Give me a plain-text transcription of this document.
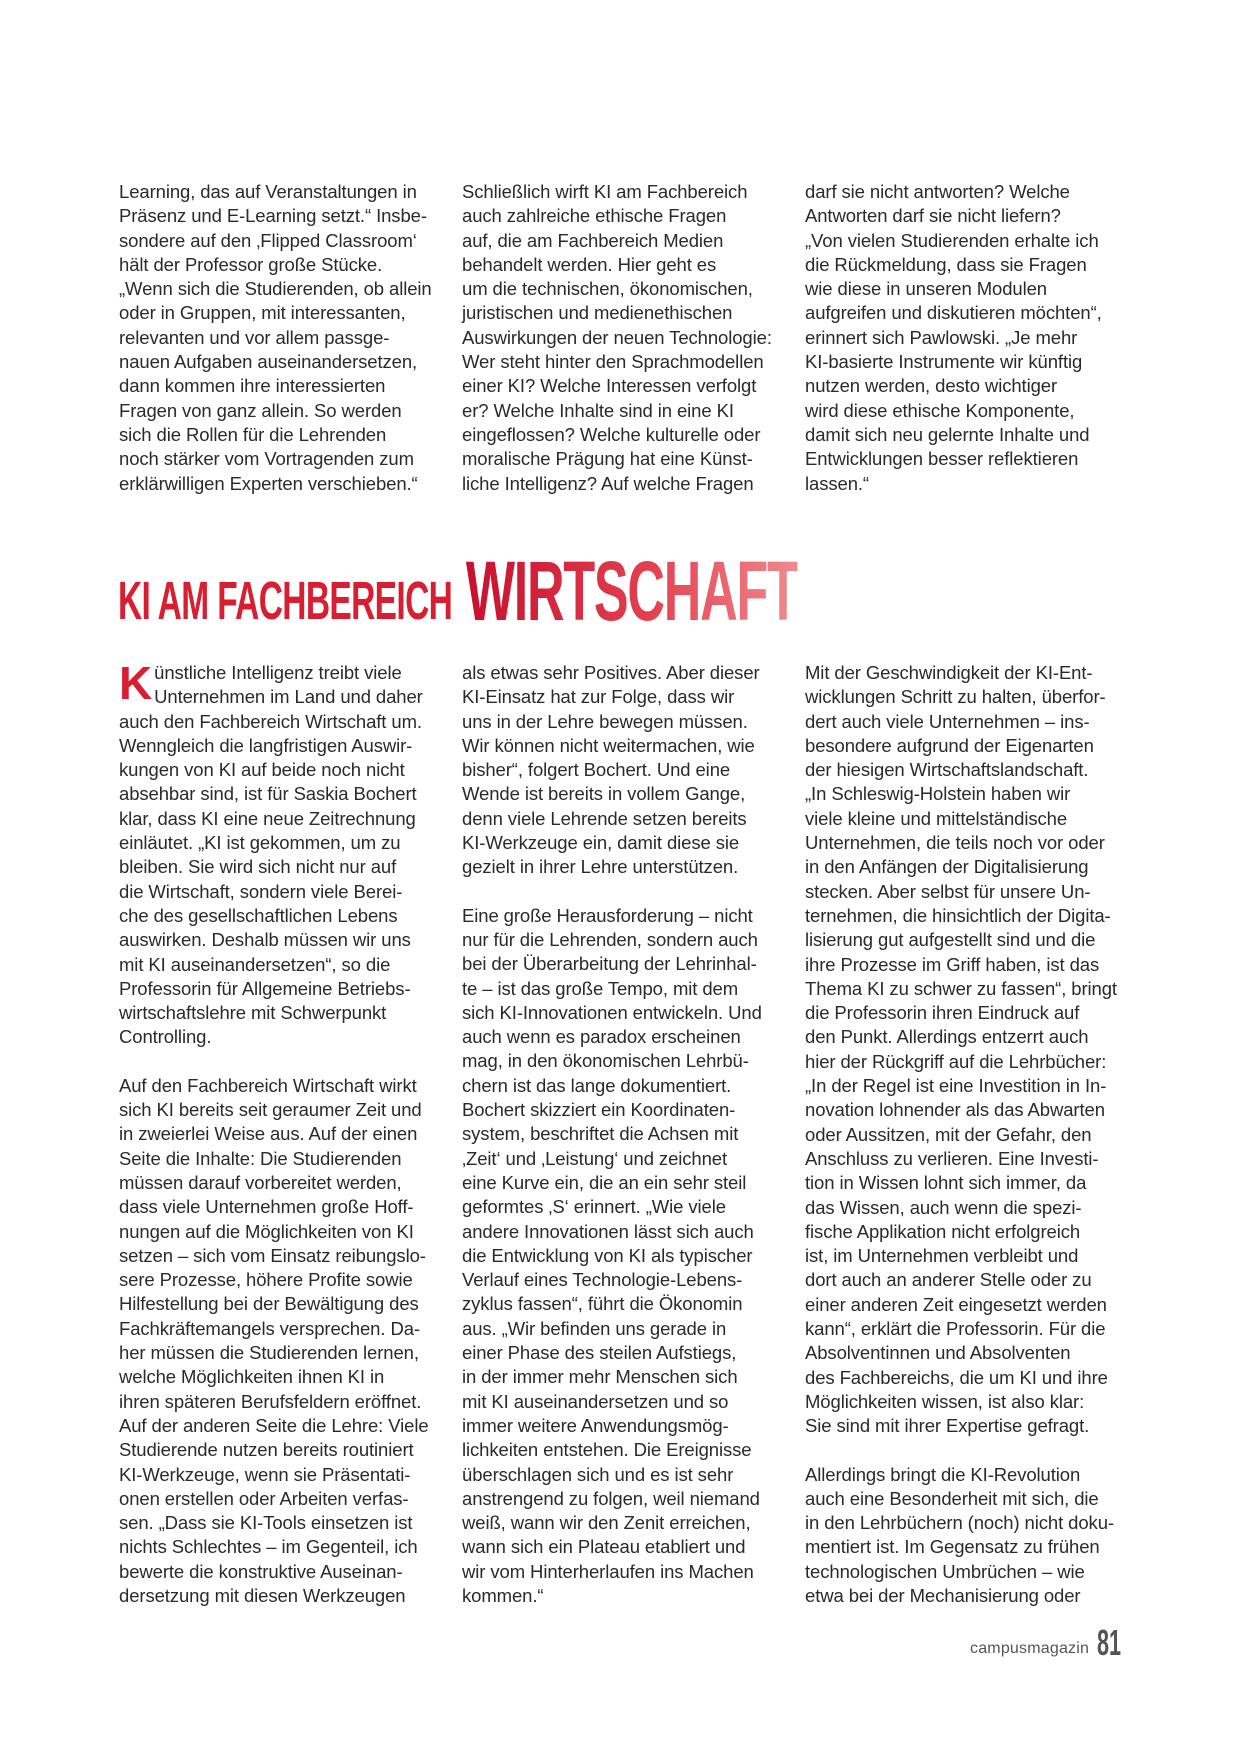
Learning, das auf Veranstaltungen in
Präsenz und E-Learning setzt.“ Insbe-
sondere auf den ‚Flipped Classroom‘
hält der Professor große Stücke.
„Wenn sich die Studierenden, ob allein
oder in Gruppen, mit interessanten,
relevanten und vor allem passge-
nauen Aufgaben auseinandersetzen,
dann kommen ihre interessierten
Fragen von ganz allein. So werden
sich die Rollen für die Lehrenden
noch stärker vom Vortragenden zum
erklärwilligen Experten verschieben.“

Schließlich wirft KI am Fachbereich
auch zahlreiche ethische Fragen
auf, die am Fachbereich Medien
behandelt werden. Hier geht es
um die technischen, ökonomischen,
juristischen und medienethischen
Auswirkungen der neuen Technologie:
Wer steht hinter den Sprachmodellen
einer KI? Welche Interessen verfolgt
er? Welche Inhalte sind in eine KI
eingeflossen? Welche kulturelle oder
moralische Prägung hat eine Künst-
liche Intelligenz? Auf welche Fragen

darf sie nicht antworten? Welche
Antworten darf sie nicht liefern?
„Von vielen Studierenden erhalte ich
die Rückmeldung, dass sie Fragen
wie diese in unseren Modulen
aufgreifen und diskutieren möchten“,
erinnert sich Pawlowski. „Je mehr
KI-basierte Instrumente wir künftig
nutzen werden, desto wichtiger
wird diese ethische Komponente,
damit sich neu gelernte Inhalte und
Entwicklungen besser reflektieren
lassen.“

KI AM FACHBEREICH WIRTSCHAFT

K ünstliche Intelligenz treibt viele
Unternehmen im Land und daher
auch den Fachbereich Wirtschaft um.
Wenngleich die langfristigen Auswir-
kungen von KI auf beide noch nicht
absehbar sind, ist für Saskia Bochert
klar, dass KI eine neue Zeitrechnung
einläutet. „KI ist gekommen, um zu
bleiben. Sie wird sich nicht nur auf
die Wirtschaft, sondern viele Berei-
che des gesellschaftlichen Lebens
auswirken. Deshalb müssen wir uns
mit KI auseinandersetzen“, so die
Professorin für Allgemeine Betriebs-
wirtschaftslehre mit Schwerpunkt
Controlling.

Auf den Fachbereich Wirtschaft wirkt
sich KI bereits seit geraumer Zeit und
in zweierlei Weise aus. Auf der einen
Seite die Inhalte: Die Studierenden
müssen darauf vorbereitet werden,
dass viele Unternehmen große Hoff-
nungen auf die Möglichkeiten von KI
setzen – sich vom Einsatz reibungslo-
sere Prozesse, höhere Profite sowie
Hilfestellung bei der Bewältigung des
Fachkräftemangels versprechen. Da-
her müssen die Studierenden lernen,
welche Möglichkeiten ihnen KI in
ihren späteren Berufsfeldern eröffnet.
Auf der anderen Seite die Lehre: Viele
Studierende nutzen bereits routiniert
KI-Werkzeuge, wenn sie Präsentati-
onen erstellen oder Arbeiten verfas-
sen. „Dass sie KI-Tools einsetzen ist
nichts Schlechtes – im Gegenteil, ich
bewerte die konstruktive Auseinan-
dersetzung mit diesen Werkzeugen

als etwas sehr Positives. Aber dieser
KI-Einsatz hat zur Folge, dass wir
uns in der Lehre bewegen müssen.
Wir können nicht weitermachen, wie
bisher“, folgert Bochert. Und eine
Wende ist bereits in vollem Gange,
denn viele Lehrende setzen bereits
KI-Werkzeuge ein, damit diese sie
gezielt in ihrer Lehre unterstützen.

Eine große Herausforderung – nicht
nur für die Lehrenden, sondern auch
bei der Überarbeitung der Lehrinhal-
te – ist das große Tempo, mit dem
sich KI-Innovationen entwickeln. Und
auch wenn es paradox erscheinen
mag, in den ökonomischen Lehrbü-
chern ist das lange dokumentiert.
Bochert skizziert ein Koordinaten-
system, beschriftet die Achsen mit
‚Zeit‘ und ‚Leistung‘ und zeichnet
eine Kurve ein, die an ein sehr steil
geformtes ‚S‘ erinnert. „Wie viele
andere Innovationen lässt sich auch
die Entwicklung von KI als typischer
Verlauf eines Technologie-Lebens-
zyklus fassen“, führt die Ökonomin
aus. „Wir befinden uns gerade in
einer Phase des steilen Aufstiegs,
in der immer mehr Menschen sich
mit KI auseinandersetzen und so
immer weitere Anwendungsmög-
lichkeiten entstehen. Die Ereignisse
überschlagen sich und es ist sehr
anstrengend zu folgen, weil niemand
weiß, wann wir den Zenit erreichen,
wann sich ein Plateau etabliert und
wir vom Hinterherlaufen ins Machen
kommen.“

Mit der Geschwindigkeit der KI-Ent-
wicklungen Schritt zu halten, überfor-
dert auch viele Unternehmen – ins-
besondere aufgrund der Eigenarten
der hiesigen Wirtschaftslandschaft.
„In Schleswig-Holstein haben wir
viele kleine und mittelständische
Unternehmen, die teils noch vor oder
in den Anfängen der Digitalisierung
stecken. Aber selbst für unsere Un-
ternehmen, die hinsichtlich der Digita-
lisierung gut aufgestellt sind und die
ihre Prozesse im Griff haben, ist das
Thema KI zu schwer zu fassen“, bringt
die Professorin ihren Eindruck auf
den Punkt. Allerdings entzerrt auch
hier der Rückgriff auf die Lehrbücher:
„In der Regel ist eine Investition in In-
novation lohnender als das Abwarten
oder Aussitzen, mit der Gefahr, den
Anschluss zu verlieren. Eine Investi-
tion in Wissen lohnt sich immer, da
das Wissen, auch wenn die spezi-
fische Applikation nicht erfolgreich
ist, im Unternehmen verbleibt und
dort auch an anderer Stelle oder zu
einer anderen Zeit eingesetzt werden
kann“, erklärt die Professorin. Für die
Absolventinnen und Absolventen
des Fachbereichs, die um KI und ihre
Möglichkeiten wissen, ist also klar:
Sie sind mit ihrer Expertise gefragt.

Allerdings bringt die KI-Revolution
auch eine Besonderheit mit sich, die
in den Lehrbüchern (noch) nicht doku-
mentiert ist. Im Gegensatz zu frühen
technologischen Umbrüchen – wie
etwa bei der Mechanisierung oder

campusmagazin 81
